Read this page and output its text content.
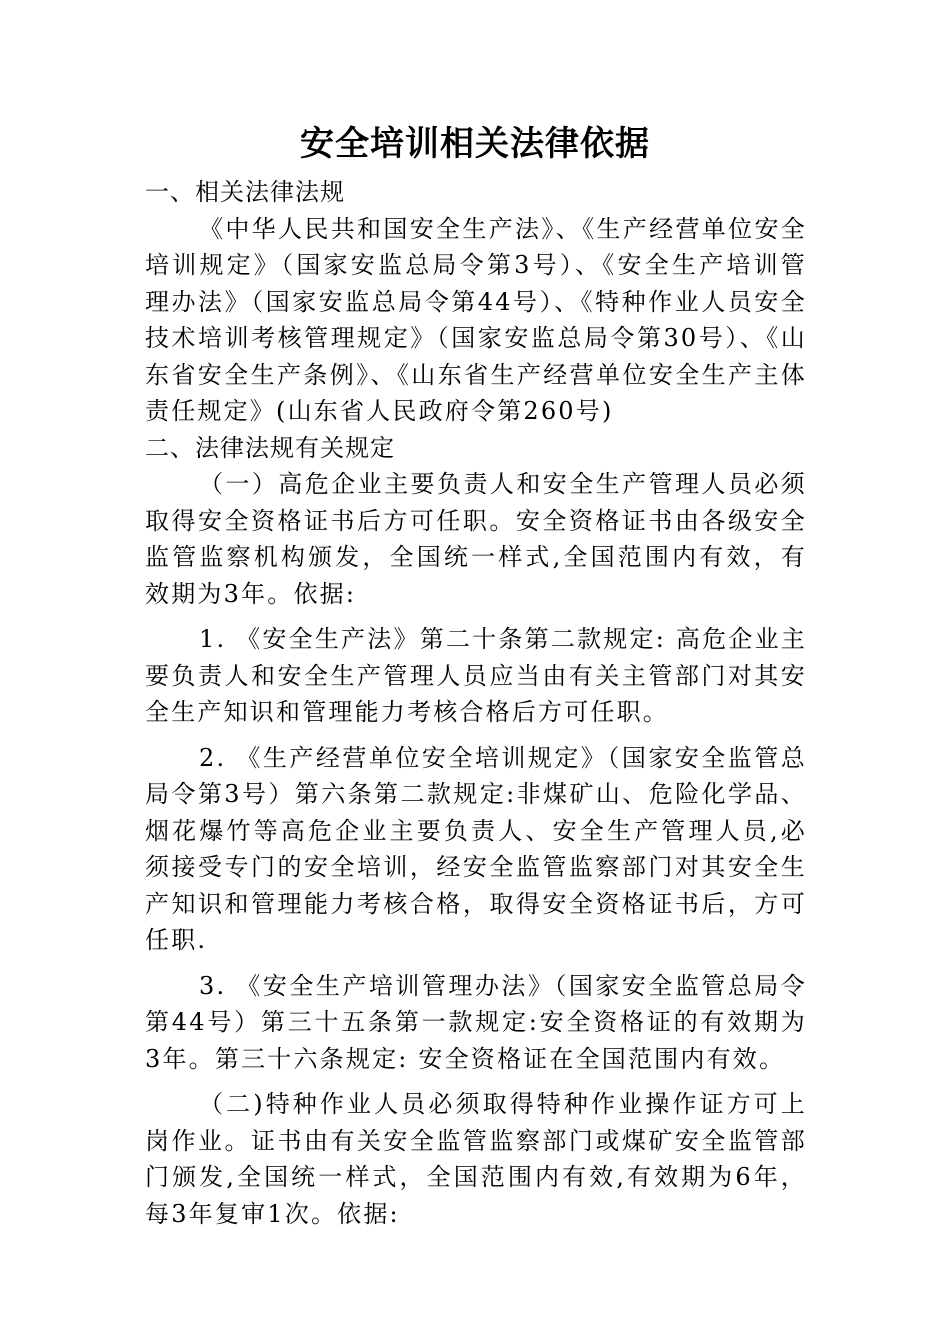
安全培训相关法律依据

一、相关法律法规

《中华人民共和国安全生产法》、《生产经营单位安全培训规定》（国家安监总局令第3号）、《安全生产培训管理办法》（国家安监总局令第44号）、《特种作业人员安全技术培训考核管理规定》（国家安监总局令第30号）、《山东省安全生产条例》、《山东省生产经营单位安全生产主体责任规定》(山东省人民政府令第260号)

二、法律法规有关规定

（一）高危企业主要负责人和安全生产管理人员必须取得安全资格证书后方可任职。安全资格证书由各级安全监管监察机构颁发，全国统一样式,全国范围内有效，有效期为3年。依据:

1. 《安全生产法》第二十条第二款规定: 高危企业主要负责人和安全生产管理人员应当由有关主管部门对其安全生产知识和管理能力考核合格后方可任职。

2. 《生产经营单位安全培训规定》（国家安全监管总局令第3号）第六条第二款规定:非煤矿山、危险化学品、烟花爆竹等高危企业主要负责人、安全生产管理人员,必须接受专门的安全培训，经安全监管监察部门对其安全生产知识和管理能力考核合格，取得安全资格证书后，方可任职.

3. 《安全生产培训管理办法》（国家安全监管总局令第44号）第三十五条第一款规定:安全资格证的有效期为3年。第三十六条规定: 安全资格证在全国范围内有效。

（二)特种作业人员必须取得特种作业操作证方可上岗作业。证书由有关安全监管监察部门或煤矿安全监管部门颁发,全国统一样式，全国范围内有效,有效期为6年，每3年复审1次。依据:
